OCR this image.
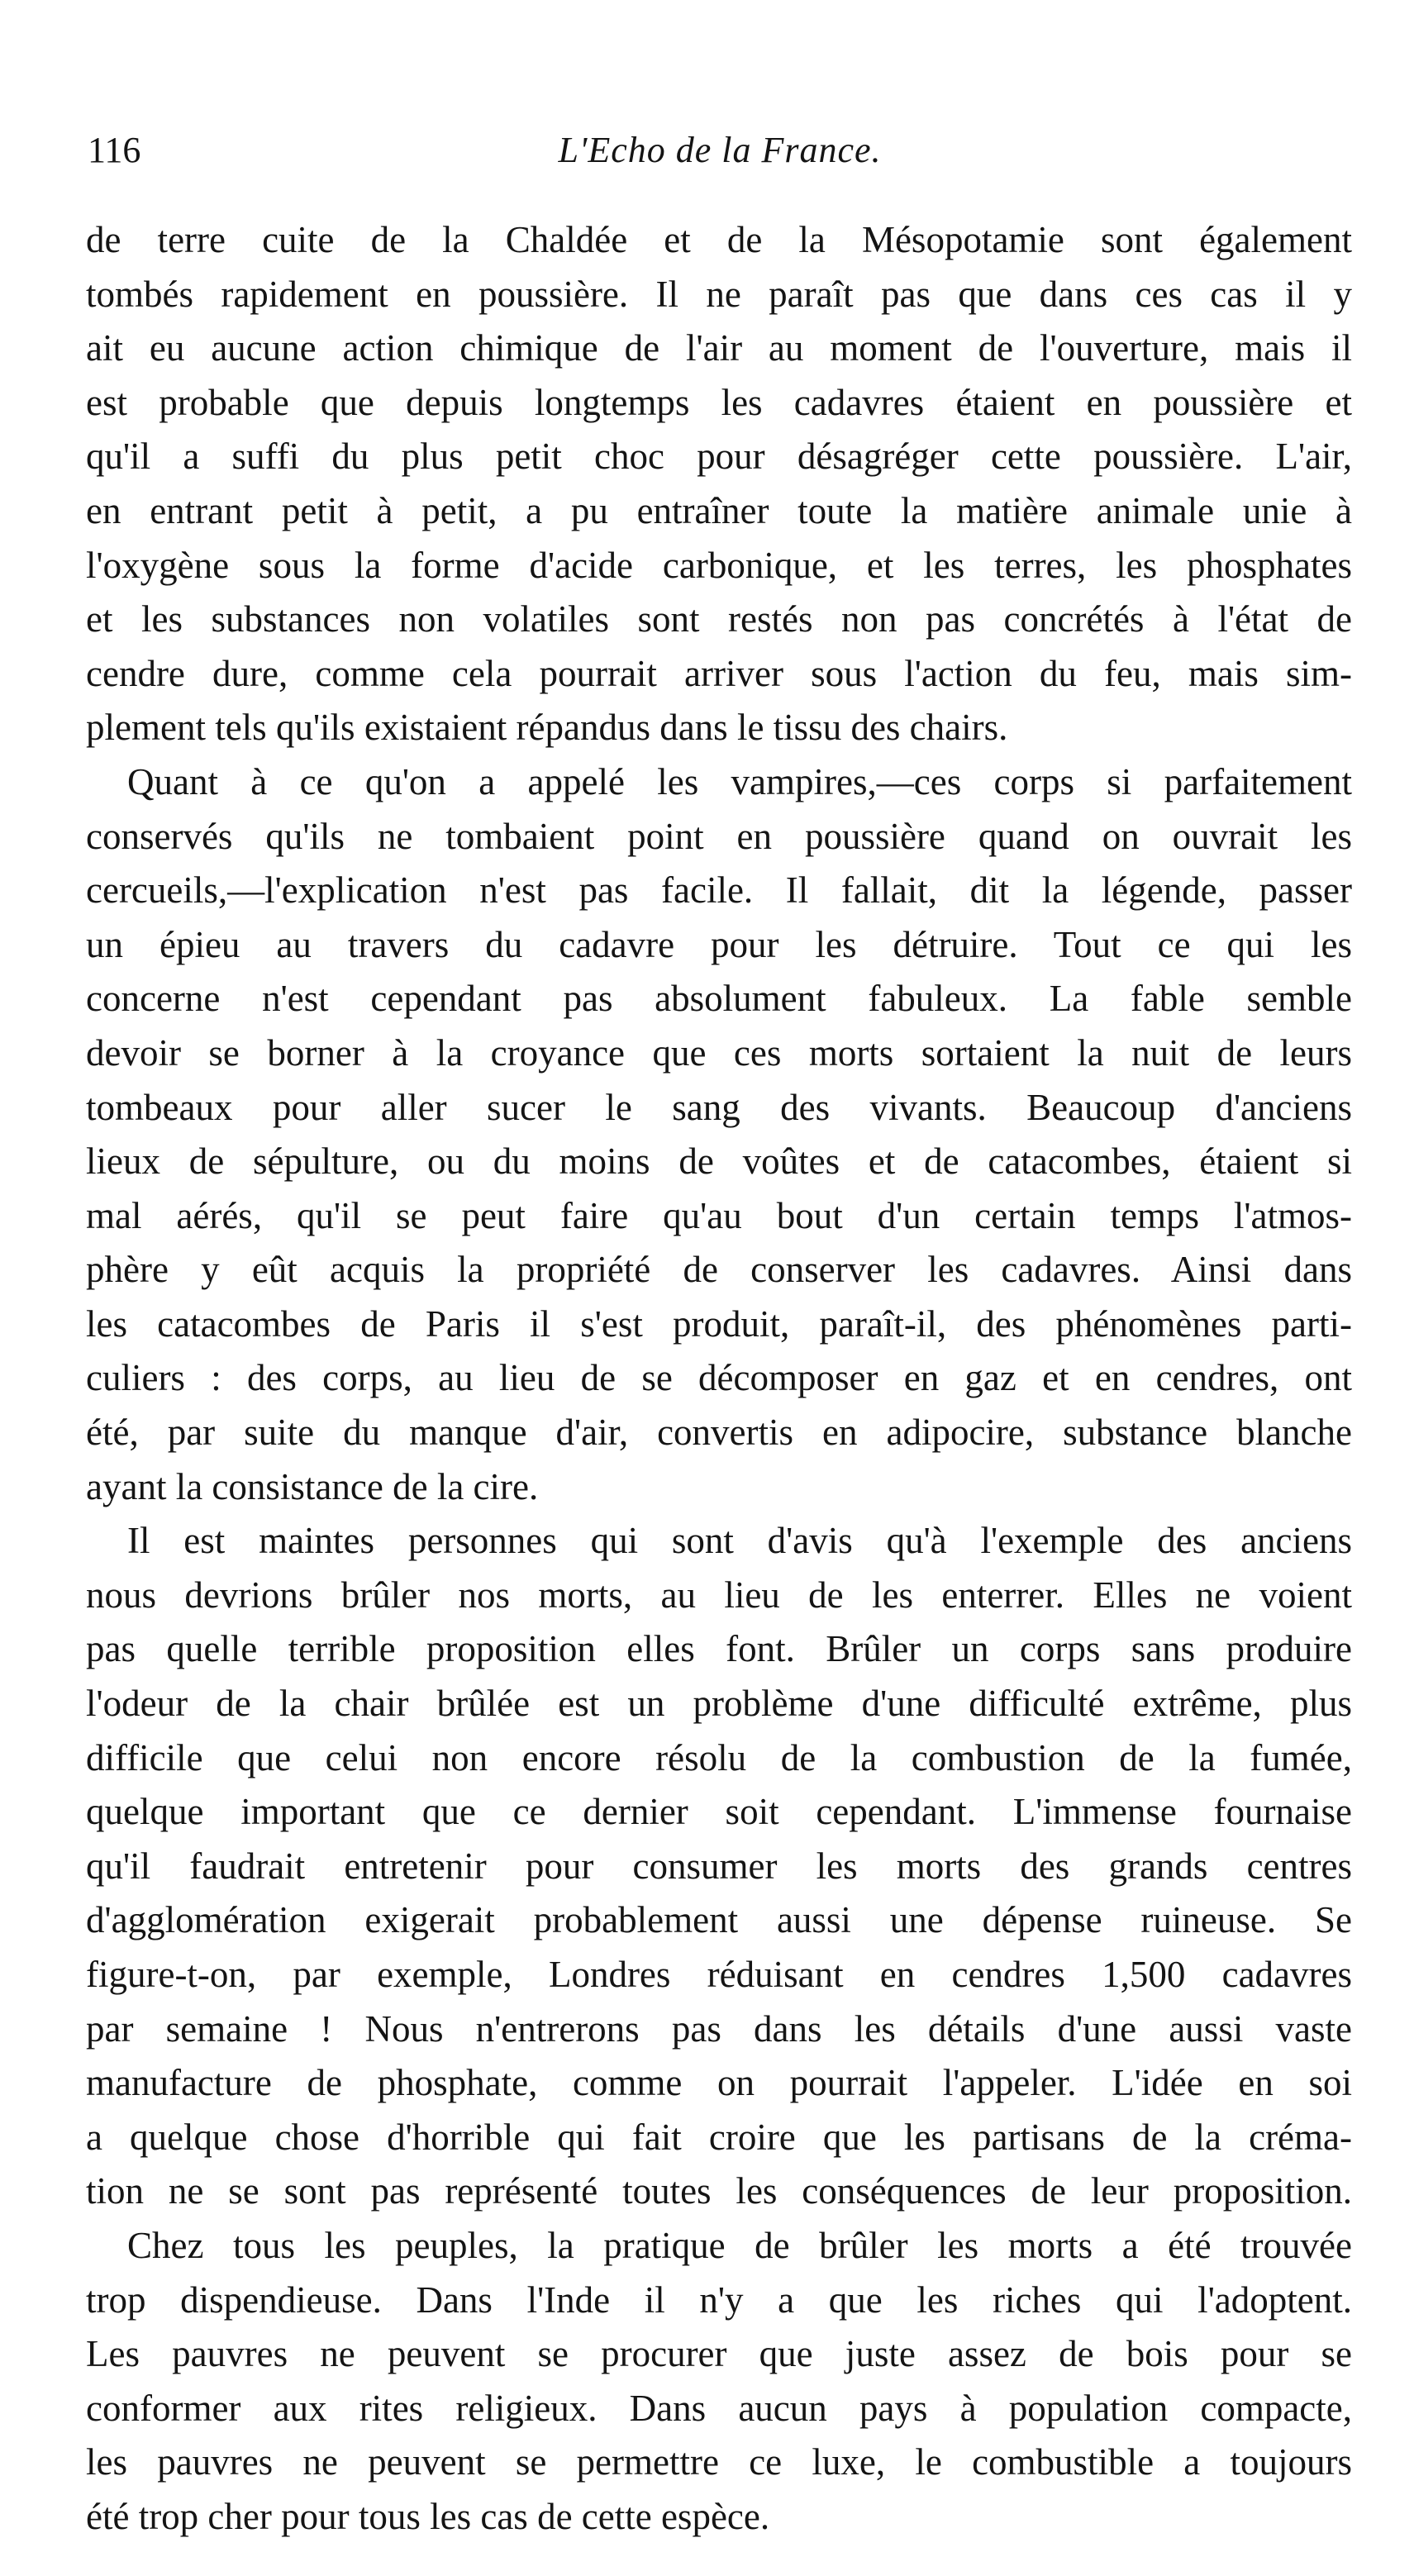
116	L'Echo de la France.
de terre cuite de la Chaldée et de la Mésopotamie sont également
tombés rapidement en poussière. Il ne paraît pas que dans ces cas il y
ait eu aucune action chimique de l'air au moment de l'ouverture, mais il
est probable que depuis longtemps les cadavres étaient en poussière et
qu'il a suffi du plus petit choc pour désagréger cette poussière. L'air,
en entrant petit à petit, a pu entraîner toute la matière animale unie à
l'oxygène sous la forme d'acide carbonique, et les terres, les phosphates
et les substances non volatiles sont restés non pas concrétés à l'état de
cendre dure, comme cela pourrait arriver sous l'action du feu, mais sim-
plement tels qu'ils existaient répandus dans le tissu des chairs.
Quant à ce qu'on a appelé les vampires,—ces corps si parfaitement
conservés qu'ils ne tombaient point en poussière quand on ouvrait les
cercueils,—l'explication n'est pas facile. Il fallait, dit la légende, passer
un épieu au travers du cadavre pour les détruire. Tout ce qui les
concerne n'est cependant pas absolument fabuleux. La fable semble
devoir se borner à la croyance que ces morts sortaient la nuit de leurs
tombeaux pour aller sucer le sang des vivants. Beaucoup d'anciens
lieux de sépulture, ou du moins de voûtes et de catacombes, étaient si
mal aérés, qu'il se peut faire qu'au bout d'un certain temps l'atmos-
phère y eût acquis la propriété de conserver les cadavres. Ainsi dans
les catacombes de Paris il s'est produit, paraît-il, des phénomènes parti-
culiers : des corps, au lieu de se décomposer en gaz et en cendres, ont
été, par suite du manque d'air, convertis en adipocire, substance blanche
ayant la consistance de la cire.
Il est maintes personnes qui sont d'avis qu'à l'exemple des anciens
nous devrions brûler nos morts, au lieu de les enterrer. Elles ne voient
pas quelle terrible proposition elles font. Brûler un corps sans produire
l'odeur de la chair brûlée est un problème d'une difficulté extrême, plus
difficile que celui non encore résolu de la combustion de la fumée,
quelque important que ce dernier soit cependant. L'immense fournaise
qu'il faudrait entretenir pour consumer les morts des grands centres
d'agglomération exigerait probablement aussi une dépense ruineuse. Se
figure-t-on, par exemple, Londres réduisant en cendres 1,500 cadavres
par semaine ! Nous n'entrerons pas dans les détails d'une aussi vaste
manufacture de phosphate, comme on pourrait l'appeler. L'idée en soi
a quelque chose d'horrible qui fait croire que les partisans de la créma-
tion ne se sont pas représenté toutes les conséquences de leur proposition.
Chez tous les peuples, la pratique de brûler les morts a été trouvée
trop dispendieuse. Dans l'Inde il n'y a que les riches qui l'adoptent.
Les pauvres ne peuvent se procurer que juste assez de bois pour se
conformer aux rites religieux. Dans aucun pays à population compacte,
les pauvres ne peuvent se permettre ce luxe, le combustible a toujours
été trop cher pour tous les cas de cette espèce.
